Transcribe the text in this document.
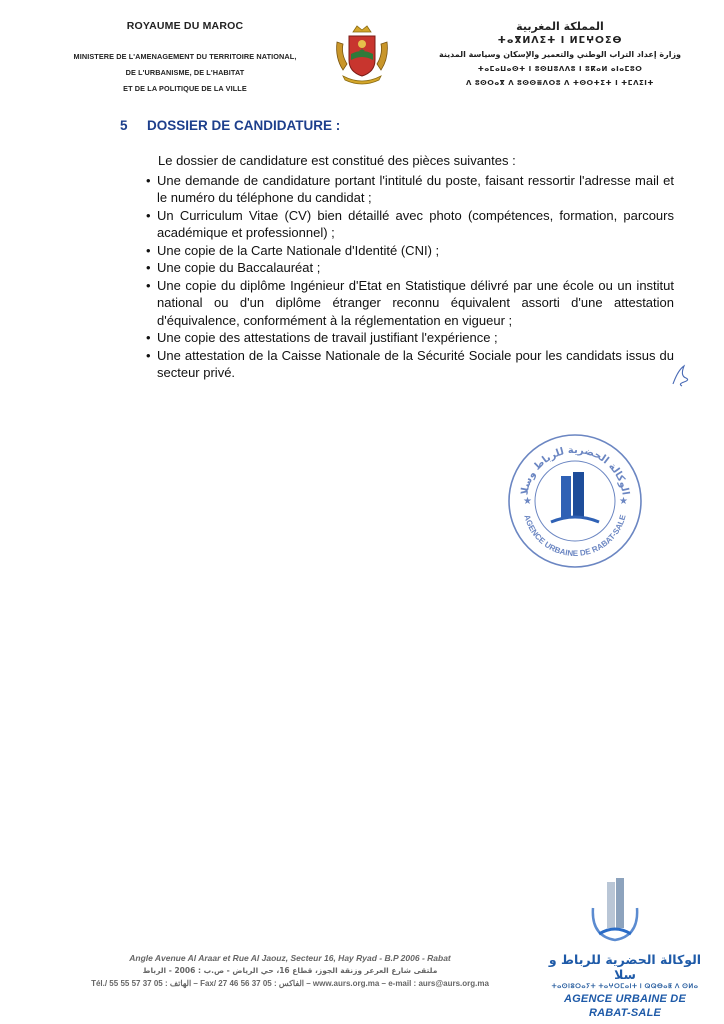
ROYAUME DU MAROC
MINISTERE DE L'AMENAGEMENT DU TERRITOIRE NATIONAL,
DE L'URBANISME, DE L'HABITAT
ET DE LA POLITIQUE DE LA VILLE
المملكة المغربية
ⵜⴰⴳⵍⴷⵉⵜ ⵏ ⵍⵎⵖⵔⵉⴱ
وزارة إعداد التراب الوطني والتعمير والإسكان وسياسة المدينة
ⵜⴰⵎⴰⵡⴰⵙⵜ ⵏ ⵓⵙⵡⵓⴷⴷⵓ ⵏ ⵓⴽⴰⵍ ⴰⵏⴰⵎⵓⵔ
ⴷ ⵓⵙⵔⴰⴳ ⴷ ⵓⵙⵙⴻⴷⵔⵓ ⴷ ⵜⵙⵔⵜⵉⵜ ⵏ ⵜⵎⴷⵉⵏⵜ
5 DOSSIER DE CANDIDATURE :
Le dossier de candidature est constitué des pièces suivantes :
• Une demande de candidature portant l'intitulé du poste, faisant ressortir l'adresse mail et le numéro du téléphone du candidat ;
• Un Curriculum Vitae (CV) bien détaillé avec photo (compétences, formation, parcours académique et professionnel) ;
• Une copie de la Carte Nationale d'Identité (CNI) ;
• Une copie du Baccalauréat ;
• Une copie du diplôme Ingénieur d'Etat en Statistique délivré par une école ou un institut national ou d'un diplôme étranger reconnu équivalent assorti d'une attestation d'équivalence, conformément à la réglementation en vigueur ;
• Une copie des attestations de travail justifiant l'expérience ;
• Une attestation de la Caisse Nationale de la Sécurité Sociale pour les candidats issus du secteur privé.
الوكالة الحضرية للرباط وسلا
AGENCE URBAINE DE RABAT-SALE
★	★
Angle Avenue Al Araar et Rue Al Jaouz, Secteur 16, Hay Ryad - B.P 2006 - Rabat
ملتقى شارع العرعر وزنقة الجوز، قطاع 16، حي الرياض - ص.ب : 2006 - الرباط
Tél./ الهاتف : 05 37 57 55 55 – Fax/ الفاكس : 05 37 56 46 27 – www.aurs.org.ma – e-mail : aurs@aurs.org.ma
الوكالة الحضرية للرباط و سلا
ⵜⴰⵙⵏⵓⵔⴰⵢⵜ ⵜⴰⵖⵔⵎⴰⵏⵜ ⵏ ⵕⵕⴱⴰⵟ ⴷ ⵙⵍⴰ
AGENCE URBAINE DE RABAT-SALE
